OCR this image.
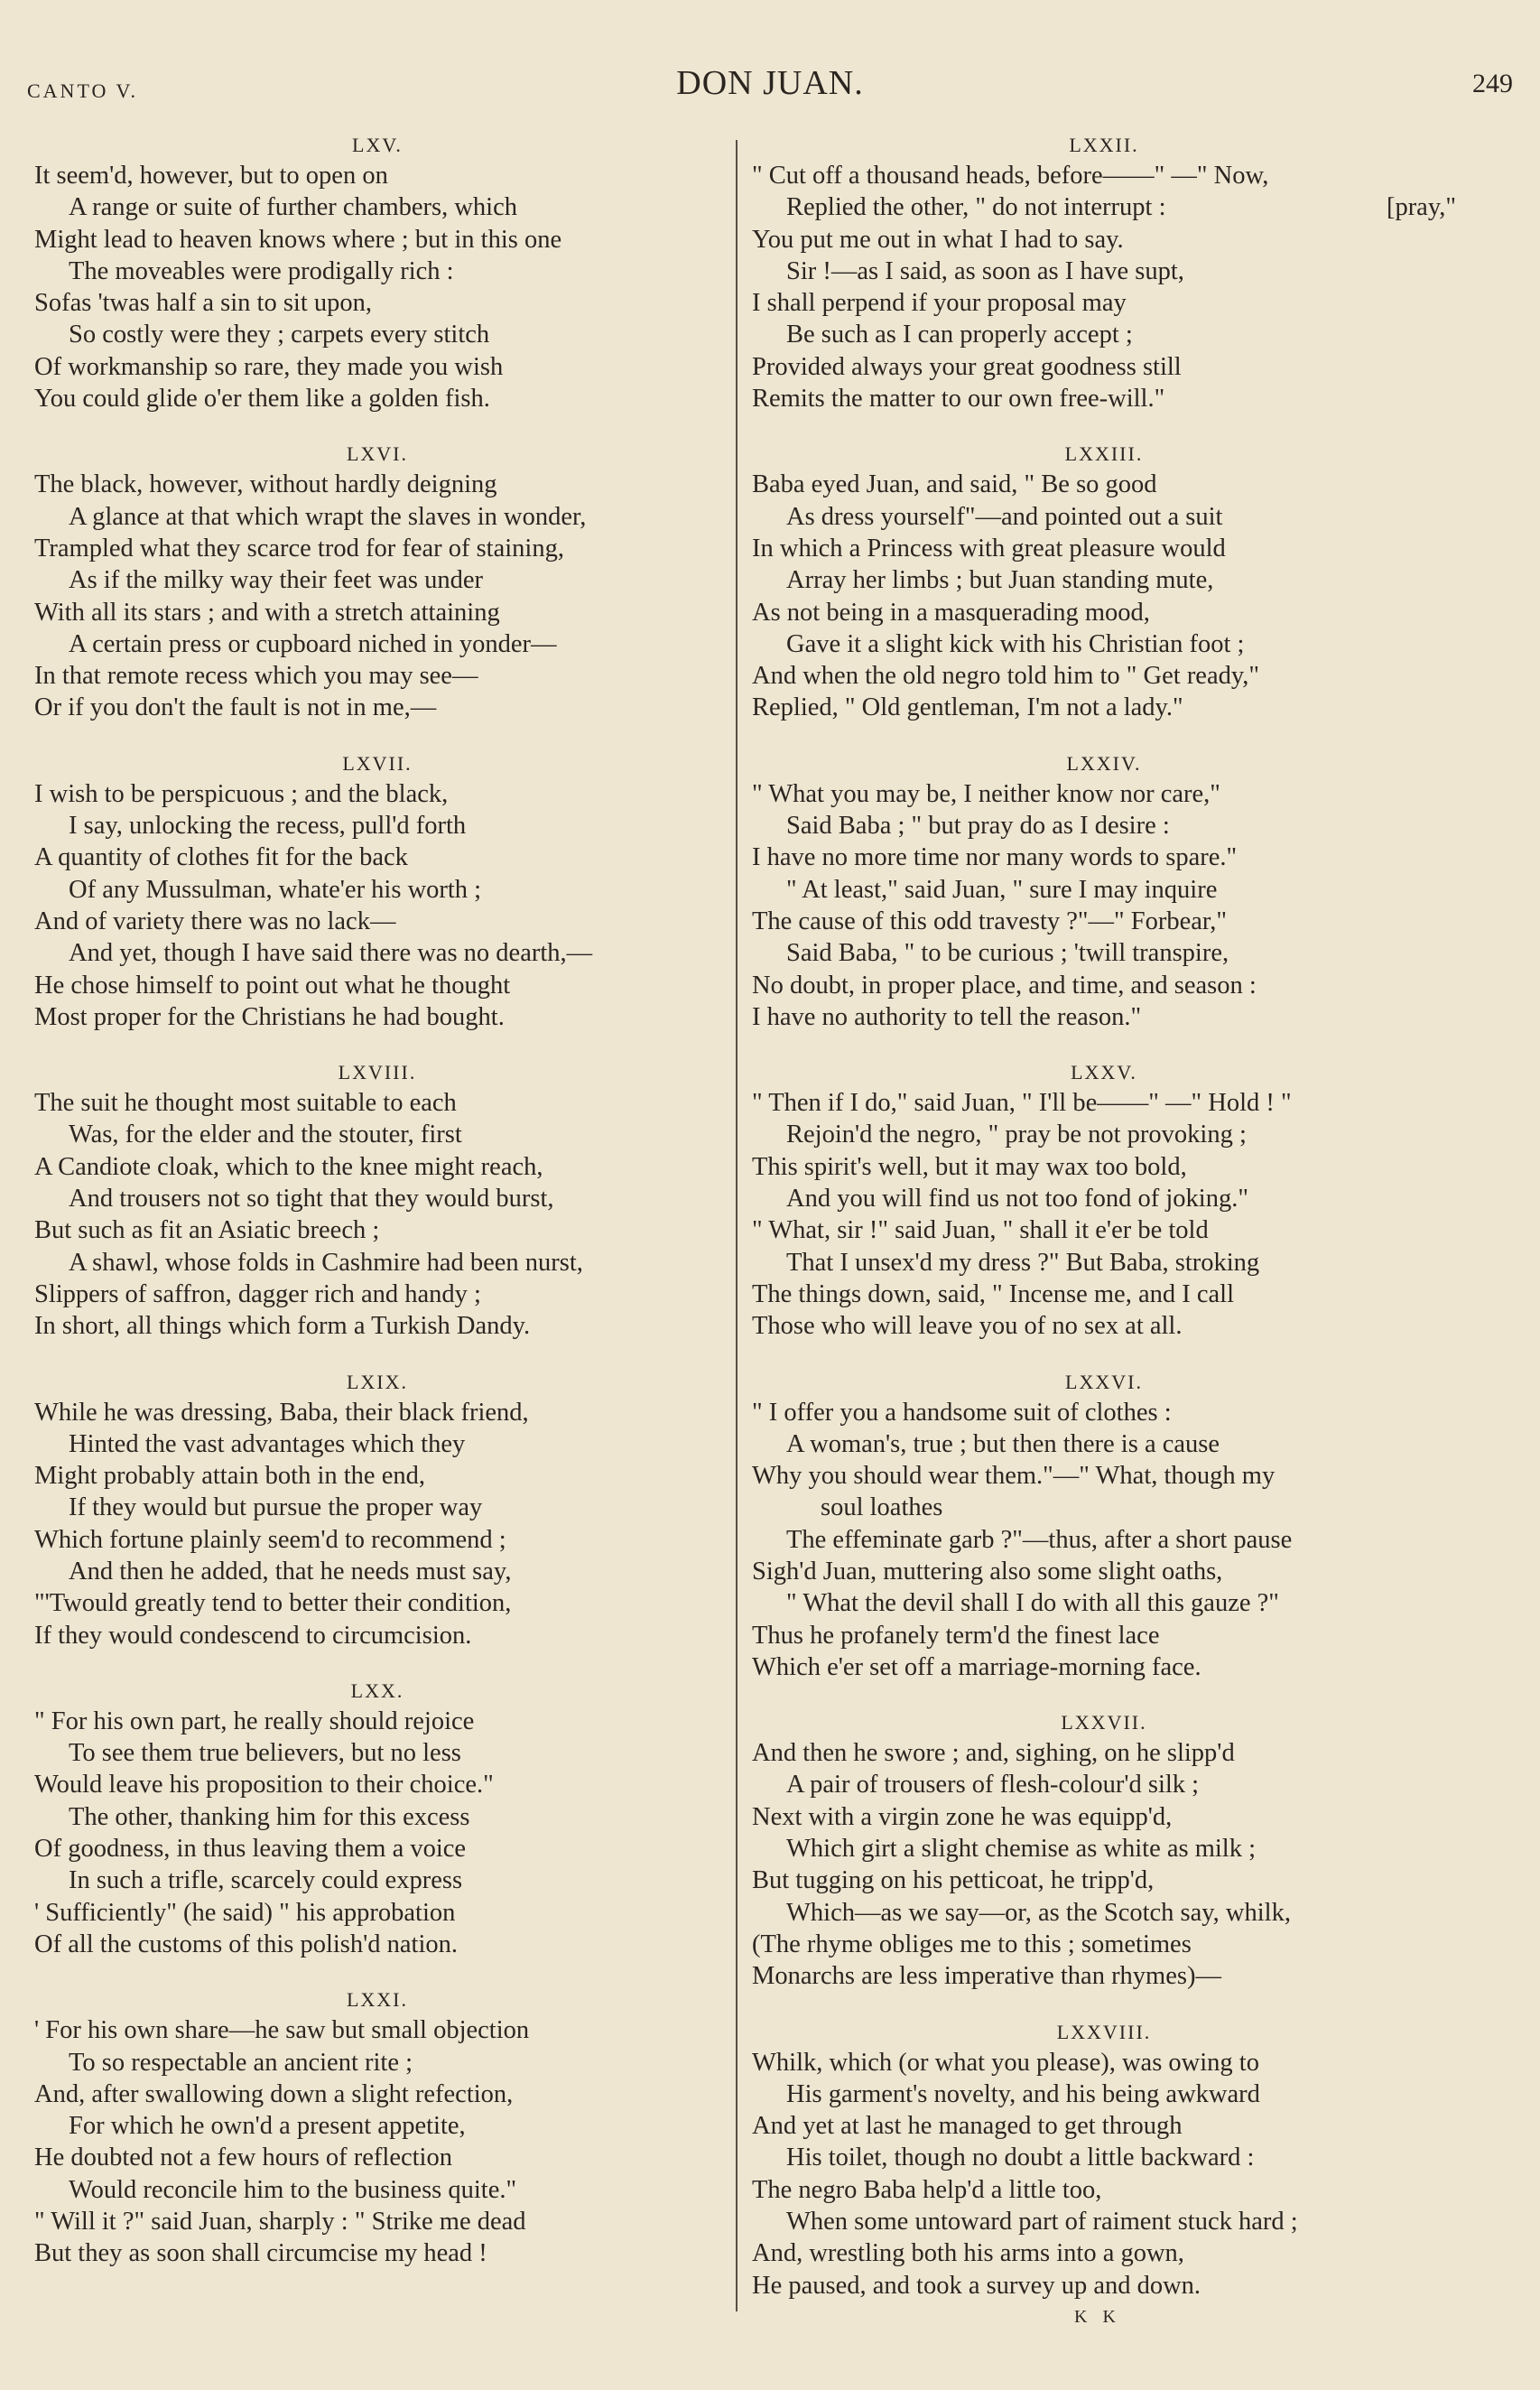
CANTO V.	DON JUAN.	249
LXV.
It seem'd, however, but to open on
A range or suite of further chambers, which
Might lead to heaven knows where ; but in this one
The moveables were prodigally rich :
Sofas 'twas half a sin to sit upon,
So costly were they ; carpets every stitch
Of workmanship so rare, they made you wish
You could glide o'er them like a golden fish.
LXVI.
The black, however, without hardly deigning
A glance at that which wrapt the slaves in wonder,
Trampled what they scarce trod for fear of staining,
As if the milky way their feet was under
With all its stars ; and with a stretch attaining
A certain press or cupboard niched in yonder—
In that remote recess which you may see—
Or if you don't the fault is not in me,—
LXVII.
I wish to be perspicuous ; and the black,
I say, unlocking the recess, pull'd forth
A quantity of clothes fit for the back
Of any Mussulman, whate'er his worth ;
And of variety there was no lack—
And yet, though I have said there was no dearth,—
He chose himself to point out what he thought
Most proper for the Christians he had bought.
LXVIII.
The suit he thought most suitable to each
Was, for the elder and the stouter, first
A Candiote cloak, which to the knee might reach,
And trousers not so tight that they would burst,
But such as fit an Asiatic breech ;
A shawl, whose folds in Cashmire had been nurst,
Slippers of saffron, dagger rich and handy ;
In short, all things which form a Turkish Dandy.
LXIX.
While he was dressing, Baba, their black friend,
Hinted the vast advantages which they
Might probably attain both in the end,
If they would but pursue the proper way
Which fortune plainly seem'd to recommend ;
And then he added, that he needs must say,
"'Twould greatly tend to better their condition,
If they would condescend to circumcision.
LXX.
" For his own part, he really should rejoice
To see them true believers, but no less
Would leave his proposition to their choice."
The other, thanking him for this excess
Of goodness, in thus leaving them a voice
In such a trifle, scarcely could express
' Sufficiently" (he said) " his approbation
Of all the customs of this polish'd nation.
LXXI.
' For his own share—he saw but small objection
To so respectable an ancient rite ;
And, after swallowing down a slight refection,
For which he own'd a present appetite,
He doubted not a few hours of reflection
Would reconcile him to the business quite."
" Will it ?" said Juan, sharply : " Strike me dead
But they as soon shall circumcise my head !
LXXII.
" Cut off a thousand heads, before——" —" Now,
Replied the other, " do not interrupt :	[pray,"
You put me out in what I had to say.
Sir !—as I said, as soon as I have supt,
I shall perpend if your proposal may
Be such as I can properly accept ;
Provided always your great goodness still
Remits the matter to our own free-will."
LXXIII.
Baba eyed Juan, and said, " Be so good
As dress yourself"—and pointed out a suit
In which a Princess with great pleasure would
Array her limbs ; but Juan standing mute,
As not being in a masquerading mood,
Gave it a slight kick with his Christian foot ;
And when the old negro told him to " Get ready,"
Replied, " Old gentleman, I'm not a lady."
LXXIV.
" What you may be, I neither know nor care,"
Said Baba ; " but pray do as I desire :
I have no more time nor many words to spare."
" At least," said Juan, " sure I may inquire
The cause of this odd travesty ?"—" Forbear,"
Said Baba, " to be curious ; 'twill transpire,
No doubt, in proper place, and time, and season :
I have no authority to tell the reason."
LXXV.
" Then if I do," said Juan, " I'll be——" —" Hold ! "
Rejoin'd the negro, " pray be not provoking ;
This spirit's well, but it may wax too bold,
And you will find us not too fond of joking."
" What, sir !" said Juan, " shall it e'er be told
That I unsex'd my dress ?" But Baba, stroking
The things down, said, " Incense me, and I call
Those who will leave you of no sex at all.
LXXVI.
" I offer you a handsome suit of clothes :
A woman's, true ; but then there is a cause
Why you should wear them."—" What, though my
soul loathes
The effeminate garb ?"—thus, after a short pause
Sigh'd Juan, muttering also some slight oaths,
" What the devil shall I do with all this gauze ?"
Thus he profanely term'd the finest lace
Which e'er set off a marriage-morning face.
LXXVII.
And then he swore ; and, sighing, on he slipp'd
A pair of trousers of flesh-colour'd silk ;
Next with a virgin zone he was equipp'd,
Which girt a slight chemise as white as milk ;
But tugging on his petticoat, he tripp'd,
Which—as we say—or, as the Scotch say, whilk,
(The rhyme obliges me to this ; sometimes
Monarchs are less imperative than rhymes)—
LXXVIII.
Whilk, which (or what you please), was owing to
His garment's novelty, and his being awkward
And yet at last he managed to get through
His toilet, though no doubt a little backward :
The negro Baba help'd a little too,
When some untoward part of raiment stuck hard ;
And, wrestling both his arms into a gown,
He paused, and took a survey up and down.
K K
